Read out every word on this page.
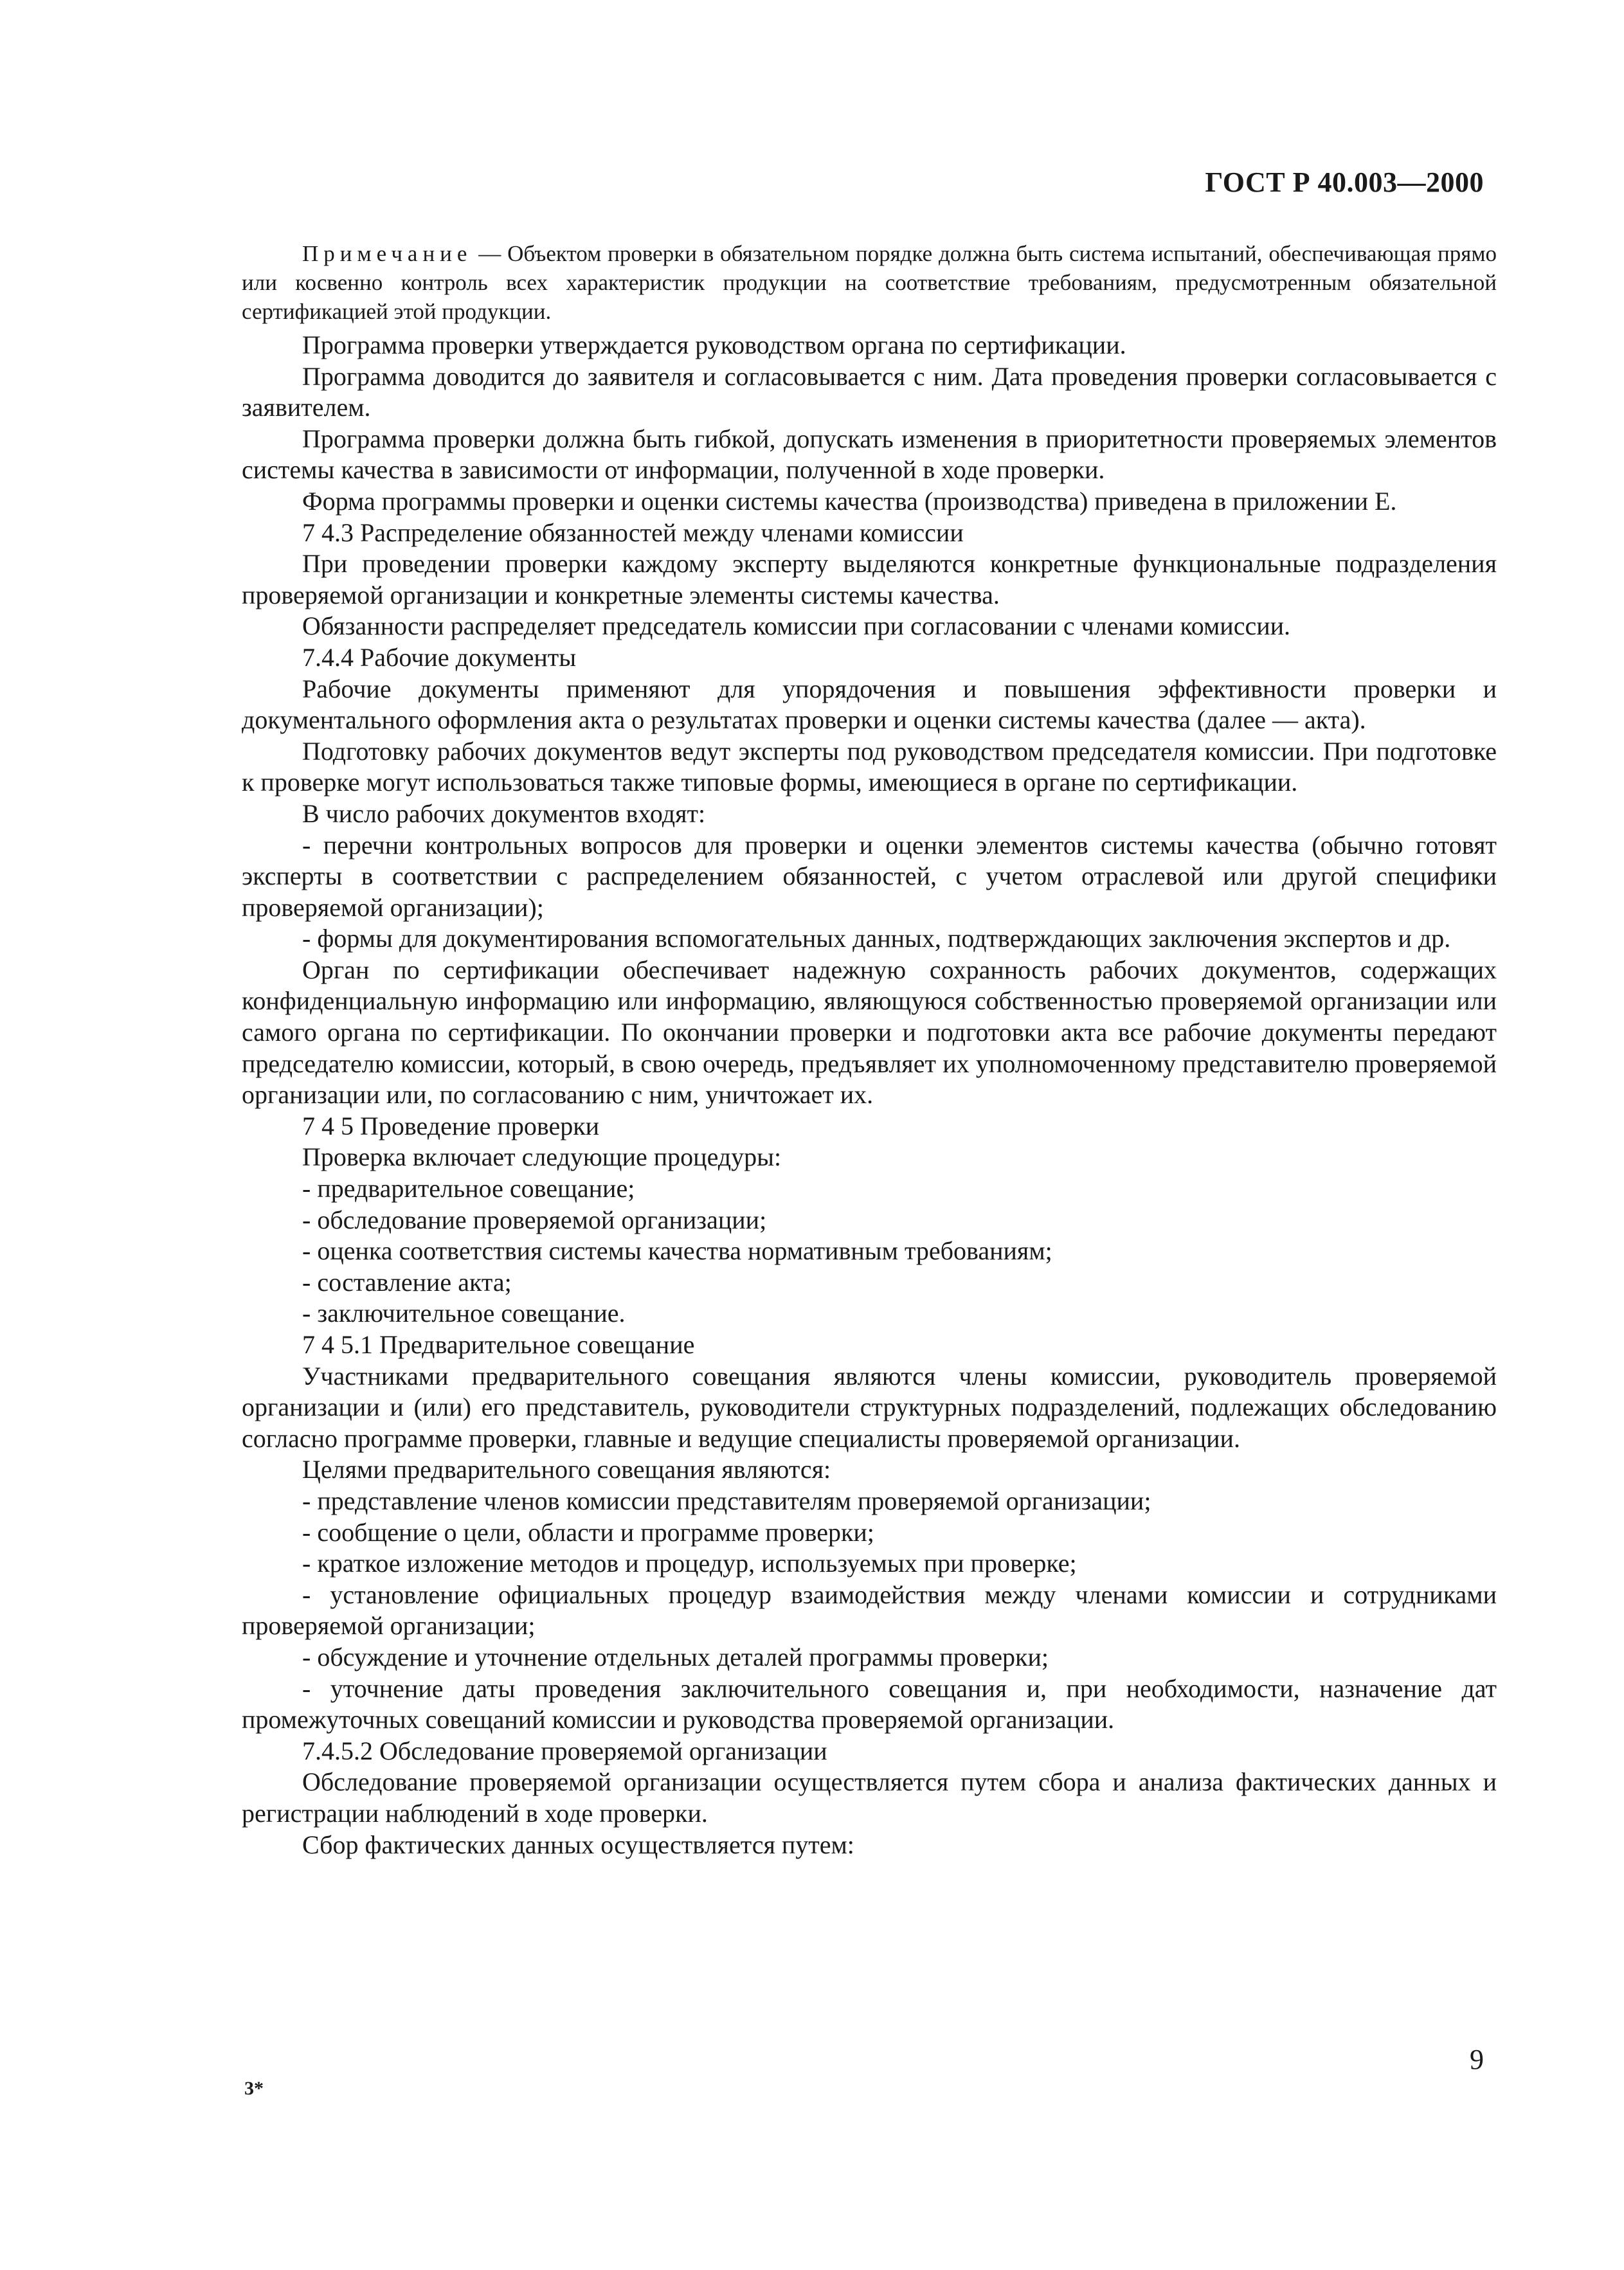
ГОСТ Р 40.003—2000

Примечание — Объектом проверки в обязательном порядке должна быть система испытаний, обеспечивающая прямо или косвенно контроль всех характеристик продукции на соответствие требованиям, предусмотренным обязательной сертификацией этой продукции.

Программа проверки утверждается руководством органа по сертификации.

Программа доводится до заявителя и согласовывается с ним. Дата проведения проверки согласовывается с заявителем.

Программа проверки должна быть гибкой, допускать изменения в приоритетности проверяемых элементов системы качества в зависимости от информации, полученной в ходе проверки.

Форма программы проверки и оценки системы качества (производства) приведена в приложении Е.

7 4.3 Распределение обязанностей между членами комиссии

При проведении проверки каждому эксперту выделяются конкретные функциональные подразделения проверяемой организации и конкретные элементы системы качества.

Обязанности распределяет председатель комиссии при согласовании с членами комиссии.

7.4.4 Рабочие документы

Рабочие документы применяют для упорядочения и повышения эффективности проверки и документального оформления акта о результатах проверки и оценки системы качества (далее — акта).

Подготовку рабочих документов ведут эксперты под руководством председателя комиссии. При подготовке к проверке могут использоваться также типовые формы, имеющиеся в органе по сертификации.

В число рабочих документов входят:

- перечни контрольных вопросов для проверки и оценки элементов системы качества (обычно готовят эксперты в соответствии с распределением обязанностей, с учетом отраслевой или другой специфики проверяемой организации);

- формы для документирования вспомогательных данных, подтверждающих заключения экспертов и др.

Орган по сертификации обеспечивает надежную сохранность рабочих документов, содержащих конфиденциальную информацию или информацию, являющуюся собственностью проверяемой организации или самого органа по сертификации. По окончании проверки и подготовки акта все рабочие документы передают председателю комиссии, который, в свою очередь, предъявляет их уполномоченному представителю проверяемой организации или, по согласованию с ним, уничтожает их.

7 4 5 Проведение проверки

Проверка включает следующие процедуры:

- предварительное совещание;

- обследование проверяемой организации;

- оценка соответствия системы качества нормативным требованиям;

- составление акта;

- заключительное совещание.

7 4 5.1 Предварительное совещание

Участниками предварительного совещания являются члены комиссии, руководитель проверяемой организации и (или) его представитель, руководители структурных подразделений, подлежащих обследованию согласно программе проверки, главные и ведущие специалисты проверяемой организации.

Целями предварительного совещания являются:

- представление членов комиссии представителям проверяемой организации;

- сообщение о цели, области и программе проверки;

- краткое изложение методов и процедур, используемых при проверке;

- установление официальных процедур взаимодействия между членами комиссии и сотрудниками проверяемой организации;

- обсуждение и уточнение отдельных деталей программы проверки;

- уточнение даты проведения заключительного совещания и, при необходимости, назначение дат промежуточных совещаний комиссии и руководства проверяемой организации.

7.4.5.2 Обследование проверяемой организации

Обследование проверяемой организации осуществляется путем сбора и анализа фактических данных и регистрации наблюдений в ходе проверки.

Сбор фактических данных осуществляется путем:

9
3*
